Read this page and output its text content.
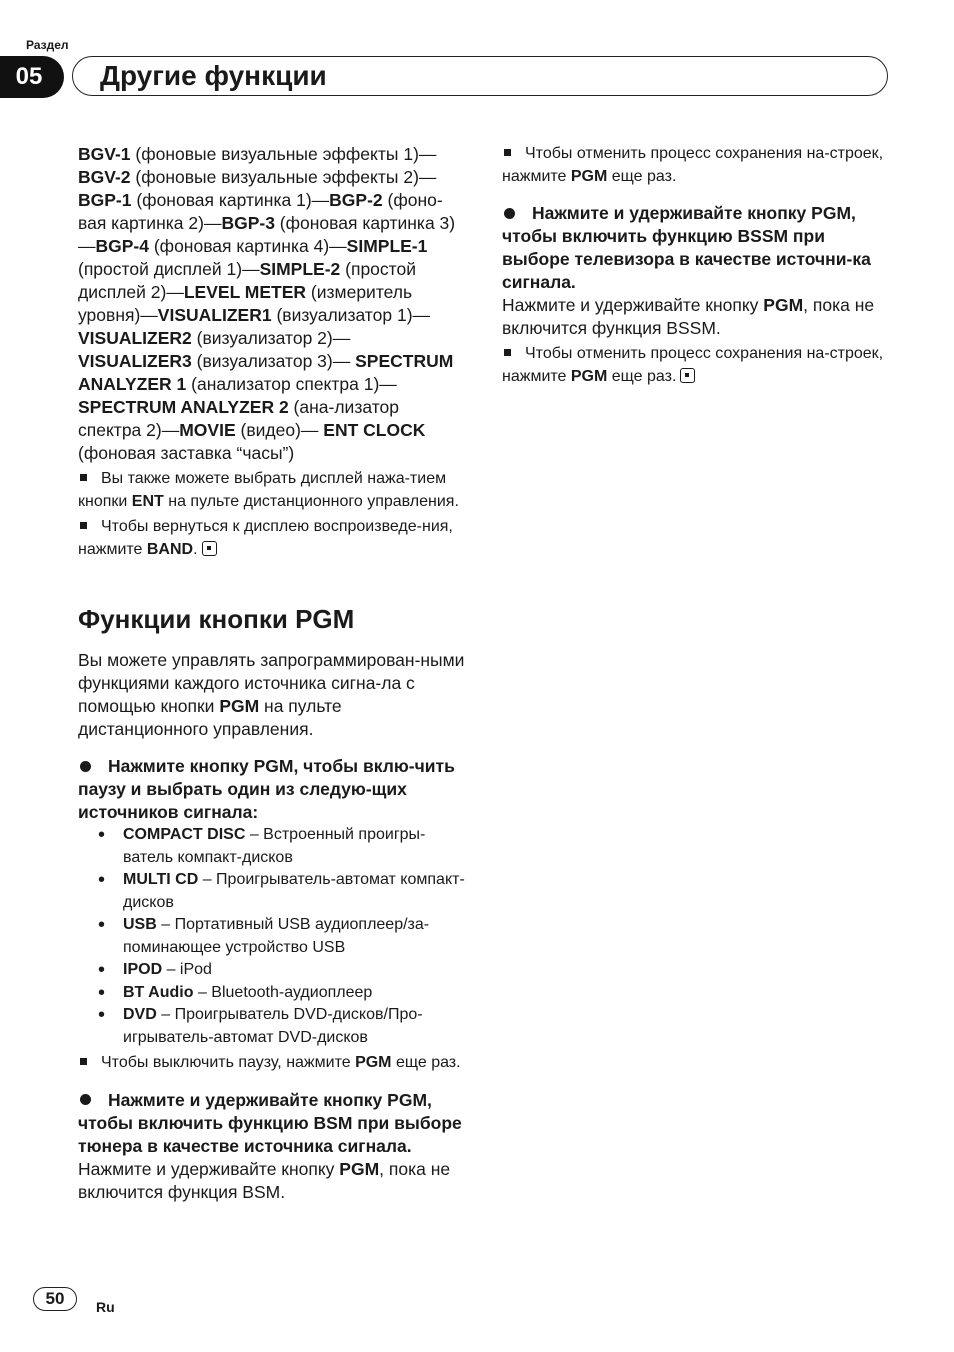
Раздел
05	Другие функции

BGV-1 (фоновые визуальные эффекты 1)—BGV-2 (фоновые визуальные эффекты 2)—BGP-1 (фоновая картинка 1)—BGP-2 (фоно-вая картинка 2)—BGP-3 (фоновая картинка 3)—BGP-4 (фоновая картинка 4)—SIMPLE-1 (простой дисплей 1)—SIMPLE-2 (простой дисплей 2)—LEVEL METER (измеритель уровня)—VISUALIZER1 (визуализатор 1)— VISUALIZER2 (визуализатор 2)— VISUALIZER3 (визуализатор 3)— SPECTRUM ANALYZER 1 (анализатор спектра 1)—SPECTRUM ANALYZER 2 (ана-лизатор спектра 2)—MOVIE (видео)— ENT CLOCK (фоновая заставка “часы”)

Вы также можете выбрать дисплей нажа-тием кнопки ENT на пульте дистанционного управления.

Чтобы вернуться к дисплею воспроизведе-ния, нажмите BAND.

Функции кнопки PGM

Вы можете управлять запрограммирован-ными функциями каждого источника сигна-ла с помощью кнопки PGM на пульте дистанционного управления.

Нажмите кнопку PGM, чтобы вклю-чить паузу и выбрать один из следую-щих источников сигнала:

• COMPACT DISC – Встроенный проигры-ватель компакт-дисков
• MULTI CD – Проигрыватель-автомат компакт-дисков
• USB – Портативный USB аудиоплеер/за-поминающее устройство USB
• IPOD – iPod
• BT Audio – Bluetooth-аудиоплеер
• DVD – Проигрыватель DVD-дисков/Про-игрыватель-автомат DVD-дисков

Чтобы выключить паузу, нажмите PGM еще раз.

Нажмите и удерживайте кнопку PGM, чтобы включить функцию BSM при выборе тюнера в качестве источника сигнала.

Нажмите и удерживайте кнопку PGM, пока не включится функция BSM.

Чтобы отменить процесс сохранения на-строек, нажмите PGM еще раз.

Нажмите и удерживайте кнопку PGM, чтобы включить функцию BSSM при выборе телевизора в качестве источни-ка сигнала.

Нажмите и удерживайте кнопку PGM, пока не включится функция BSSM.

Чтобы отменить процесс сохранения на-строек, нажмите PGM еще раз.

50	Ru
